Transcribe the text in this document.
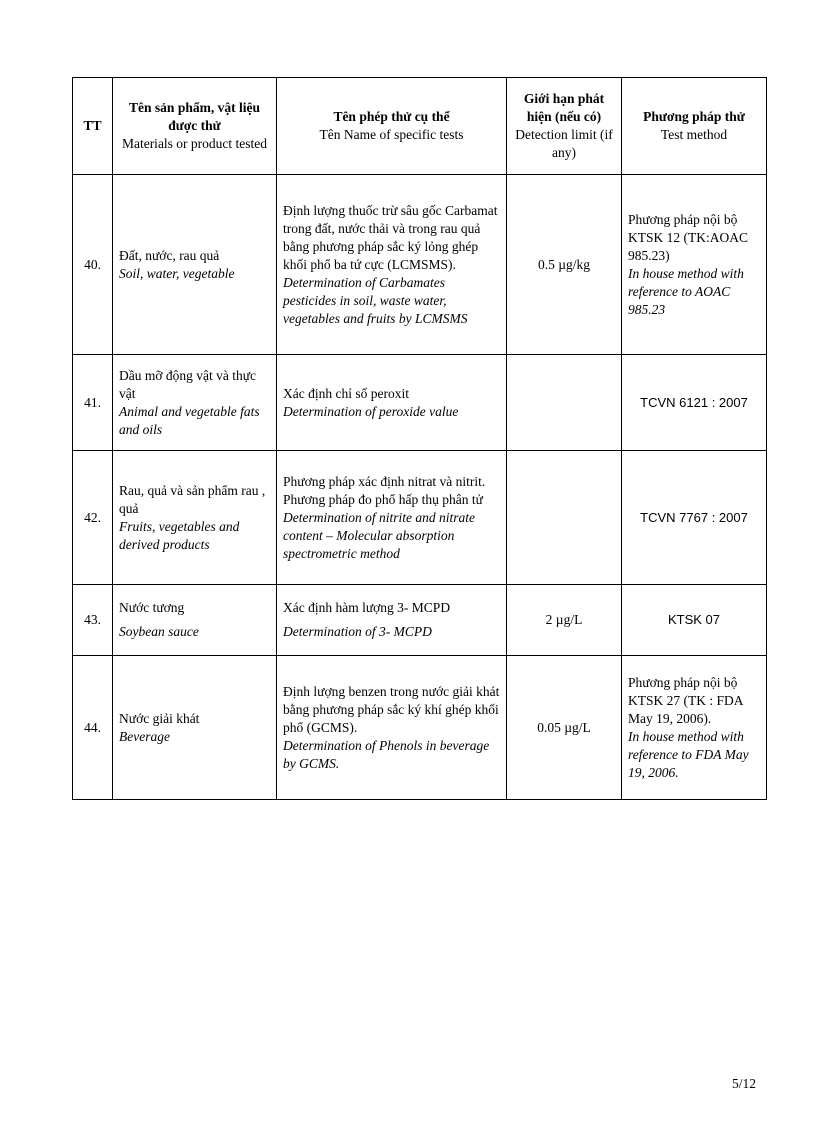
TT	Tên sản phẩm, vật liệu được thử
Materials or product tested	Tên phép thử cụ thể
Tên Name of specific tests	Giới hạn phát hiện (nếu có)
Detection limit (if any)	Phương pháp thử
Test method

40.	Đất, nước, rau quả
Soil, water, vegetable	Định lượng thuốc trừ sâu gốc Carbamat trong đất, nước thải và trong rau quả bằng phương pháp sắc ký lỏng ghép khối phổ ba tứ cực (LCMSMS).
Determination of Carbamates pesticides in soil, waste water, vegetables and fruits by LCMSMS	0.5 µg/kg	Phương pháp nội bộ KTSK 12 (TK:AOAC 985.23)
In house method with reference to AOAC 985.23

41.	Dầu mỡ động vật và thực vật
Animal and vegetable fats and oils	Xác định chỉ số peroxit
Determination of peroxide value		TCVN 6121 : 2007

42.	Rau, quả và sản phẩm rau , quả
Fruits, vegetables and derived products	Phương pháp xác định nitrat và nitrit. Phương pháp đo phổ hấp thụ phân tử
Determination of nitrite and nitrate content – Molecular absorption spectrometric method		TCVN 7767 : 2007

43.	Nước tương
Soybean sauce	Xác định hàm lượng 3- MCPD
Determination of 3- MCPD	2 µg/L	KTSK 07

44.	Nước giải khát
Beverage	Định lượng benzen trong nước giải khát bằng phương pháp sắc ký khí ghép khối phổ (GCMS).
Determination of Phenols in beverage by GCMS.	0.05 µg/L	Phương pháp nội bộ KTSK 27 (TK : FDA May 19, 2006).
In house method with reference to FDA May 19, 2006.
5/12
